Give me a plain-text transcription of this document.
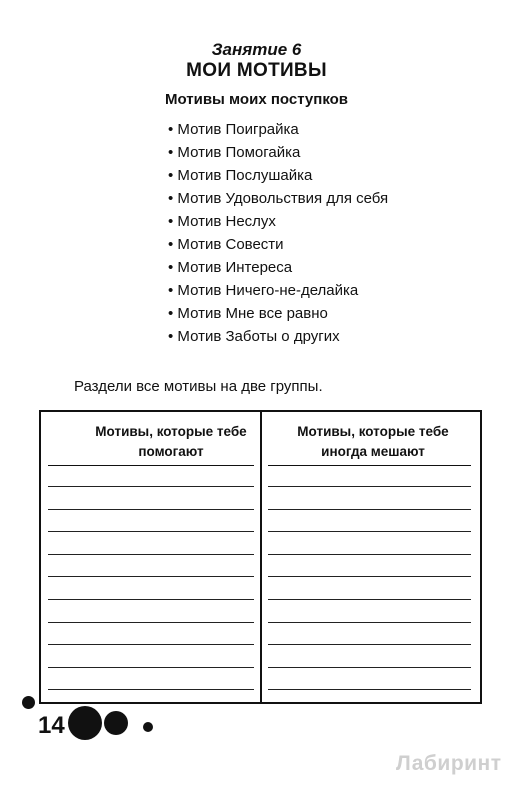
Занятие 6
МОИ МОТИВЫ
Мотивы моих поступков
• Мотив Поиграйка
• Мотив Помогайка
• Мотив Послушайка
• Мотив Удовольствия для себя
• Мотив Неслух
• Мотив Совести
• Мотив Интереса
• Мотив Ничего-не-делайка
• Мотив Мне все равно
• Мотив Заботы о других
Раздели все мотивы на две группы.
Мотивы, которые тебе помогают
Мотивы, которые тебе иногда мешают
14
Лабиринт
